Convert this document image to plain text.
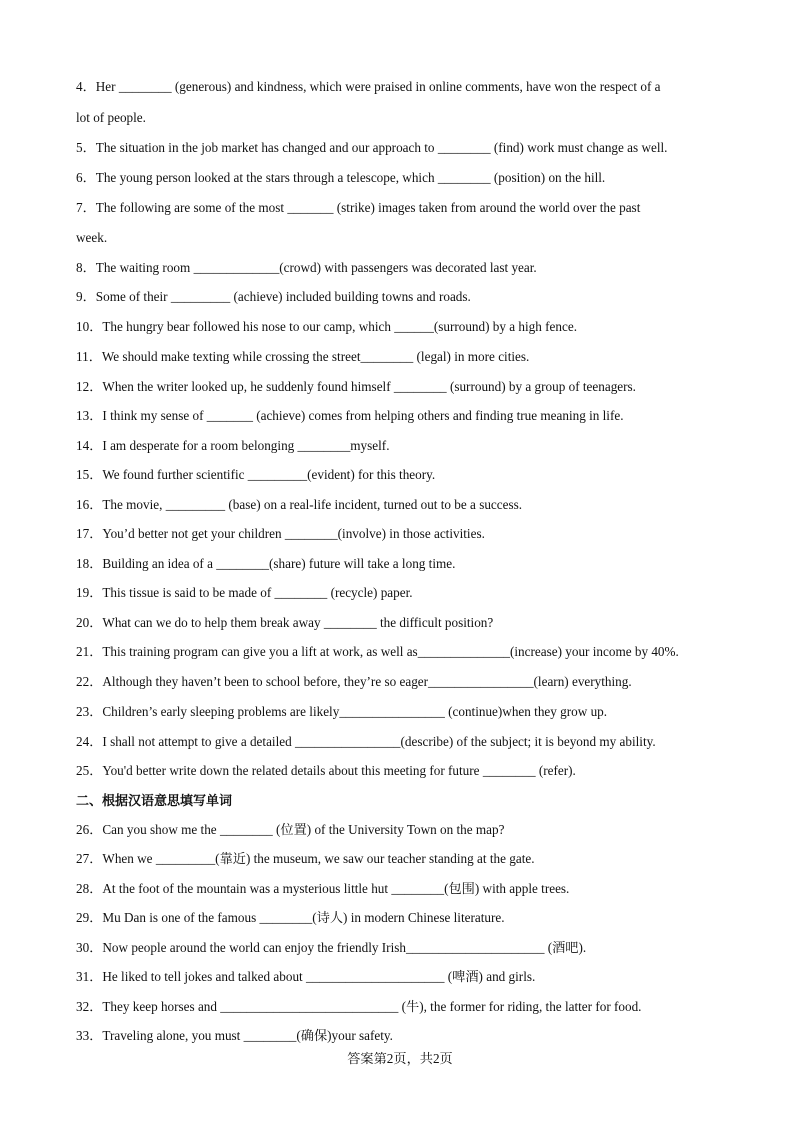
4．Her ________ (generous) and kindness, which were praised in online comments, have won the respect of a
lot of people.
5．The situation in the job market has changed and our approach to ________ (find) work must change as well.
6．The young person looked at the stars through a telescope, which ________ (position) on the hill.
7．The following are some of the most _______ (strike) images taken from around the world over the past
week.
8．The waiting room _____________(crowd) with passengers was decorated last year.
9．Some of their _________ (achieve) included building towns and roads.
10．The hungry bear followed his nose to our camp, which ______(surround) by a high fence.
11．We should make texting while crossing the street________ (legal) in more cities.
12．When the writer looked up, he suddenly found himself ________ (surround) by a group of teenagers.
13．I think my sense of _______ (achieve) comes from helping others and finding true meaning in life.
14．I am desperate for a room belonging ________myself.
15．We found further scientific _________(evident) for this theory.
16．The movie, _________ (base) on a real-life incident, turned out to be a success.
17．You’d better not get your children ________(involve) in those activities.
18．Building an idea of a ________(share) future will take a long time.
19．This tissue is said to be made of ________ (recycle) paper.
20．What can we do to help them break away ________ the difficult position?
21．This training program can give you a lift at work, as well as______________(increase) your income by 40%.
22．Although they haven’t been to school before, they’re so eager________________(learn) everything.
23．Children’s early sleeping problems are likely________________ (continue)when they grow up.
24．I shall not attempt to give a detailed ________________(describe) of the subject; it is beyond my ability.
25．You'd better write down the related details about this meeting for future ________ (refer).
26．Can you show me the ________ (位置) of the University Town on the map?
27．When we _________(靠近) the museum, we saw our teacher standing at the gate.
28．At the foot of the mountain was a mysterious little hut ________(包围) with apple trees.
29．Mu Dan is one of the famous ________(诗人) in modern Chinese literature.
30．Now people around the world can enjoy the friendly Irish_____________________ (酒吧).
31．He liked to tell jokes and talked about _____________________ (啤酒) and girls.
32．They keep horses and ___________________________ (牛), the former for riding, the latter for food.
33．Traveling alone, you must ________(确保)your safety.
二、根据汉语意思填写单词
答案第2页，共2页
